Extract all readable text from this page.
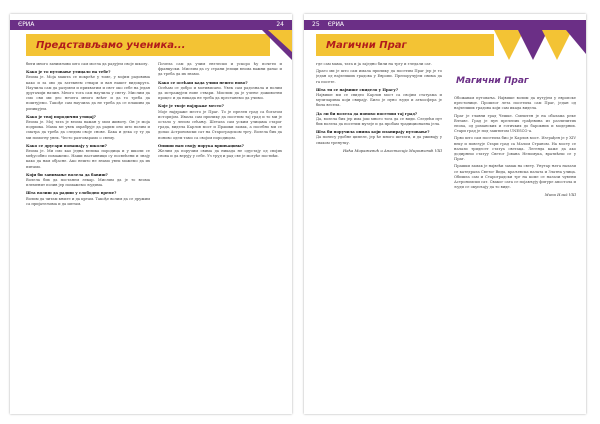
ЄРИА	24
Представљамо ученика...

бити много занимљиво што сам могла да радујем своје школу.

Како је то путовање утицало на тебе?

Веома је. Моја машта се покреће у томе, у мојим радовима како и за ово да затекнем ствари и ван нашег видокруга. Научила сам да разумем и прихватим и свет око себе на један другачији начин. Много тога сам научила у свету. Мислим да смо сви ми део нечега много већег и да то треба да поштујемо. Такође сам научила да не треба да се плашим да ризикујем.

Како је твој породични утицај?

Веома је. Мој тата је веома важан у мом животу. Он је моја подршка. Мама ме увек охрабрује да радим оно што волим и сматра да треба да следим своје снове. Бака и дека су ту да ми помогну увек. Често разговарамо о свему.

Како се другари понашају у школи?

Веома је. Ми смо као једна велика породица и у школи се међусобно помажемо. Наши наставници су посвећени и знају како да нам објасне. Ако нешто не знамо увек можемо да их питамо.

Који би занимање волела да бавиш?

Волела бих да постанем лекар. Мислим да је то веома племенит позив јер помажемо људима.

Шта волиш да радиш у слободно време?

Волим да читам књиге и да цртам. Такође волим да се дружим са пријатељима и да шетам.

Почела сам да учим енглески и ускоро ћу почети и француски. Мислим да су страни језици веома важни данас и да треба да их знамо.

Како се осећаш када учиш нешто ново?

Осећам се добро и мотивисано. Увек сам радознала и волим да истражујем нове ствари. Мислим да је учење доживотни процес и да никада не треба да престанемо да учимо.

Које је твоје најдраже место?

Моје најдраже место је Праг. То је прелеп град са богатом историјом. Имала сам прилику да посетим тај град и то ми је остало у лепом сећању. Шетала сам уским улицама старог града, видела Карлов мост и Прашки замак, а посебно ми се допао Астрономски сат на Староградском тргу. Волела бих да поново одем тамо са својом породицом.

Опиши нам своју порука вршњацима?

Желим да поручим свима да никада не одустају од својих снова и да верују у себе. Уз труд и рад све је могуће постићи.

25 ЄРИА
Магични Праг

где сам мама, тата и ја заједно били на тргу и гледали сат.

Драго ми је што сам имала прилику да посетим Праг јер је то један од најлепших градова у Европи. Препоручујем свима да га посете.

Шта ти се највише свидело у Прагу?

Највише ми се свидео Карлов мост са својим статуама и музичарима који свирају. Било је пуно људи и атмосфера је била весела.

Да ли би волела да поново посетиш тај град?

Да, волела бих јер има још много тога да се види. Следећи пут бих волела да посетим музеје и да пробам традиционална јела.

Шта би поручила онима који планирају путовање?

Да понесу удобне ципеле, јер ће много шетати, и да уживају у сваком тренутку.

Наћа Миражевић и Анастасија Миражевић VIII

Магични Праг

Обожавам путовања. Највише волим да путујем у европске престонице. Прошлог лета посетила сам Праг, један од најлепших градова који сам икада видела.

Праг је главни град Чешке. Смештен је на обалама реке Влтаве. Град је пун прелепих грађевина из различитих епоха, од романских и готичких до барокних и модерних. Стари град је под заштитом UNESCO-а.

Прво што сам посетила био је Карлов мост. Изграђен је у XIV веку и повезује Стари град са Малом Страном. На мосту се налази тридесет статуа светаца. Легенда каже да ако додирнеш статуу Светог Јована Непомука, вратићеш се у Праг.

Прашки замак је највећи замак на свету. Унутар њега налази се катедрала Светог Вида, краљевска палата и Златна улица. Обишла сам и Староградски трг на коме се налази чувени Астрономски сат. Сваког сата се појављују фигуре апостола и људи се окупљају да то виде.

Мина Илиќ VIII
